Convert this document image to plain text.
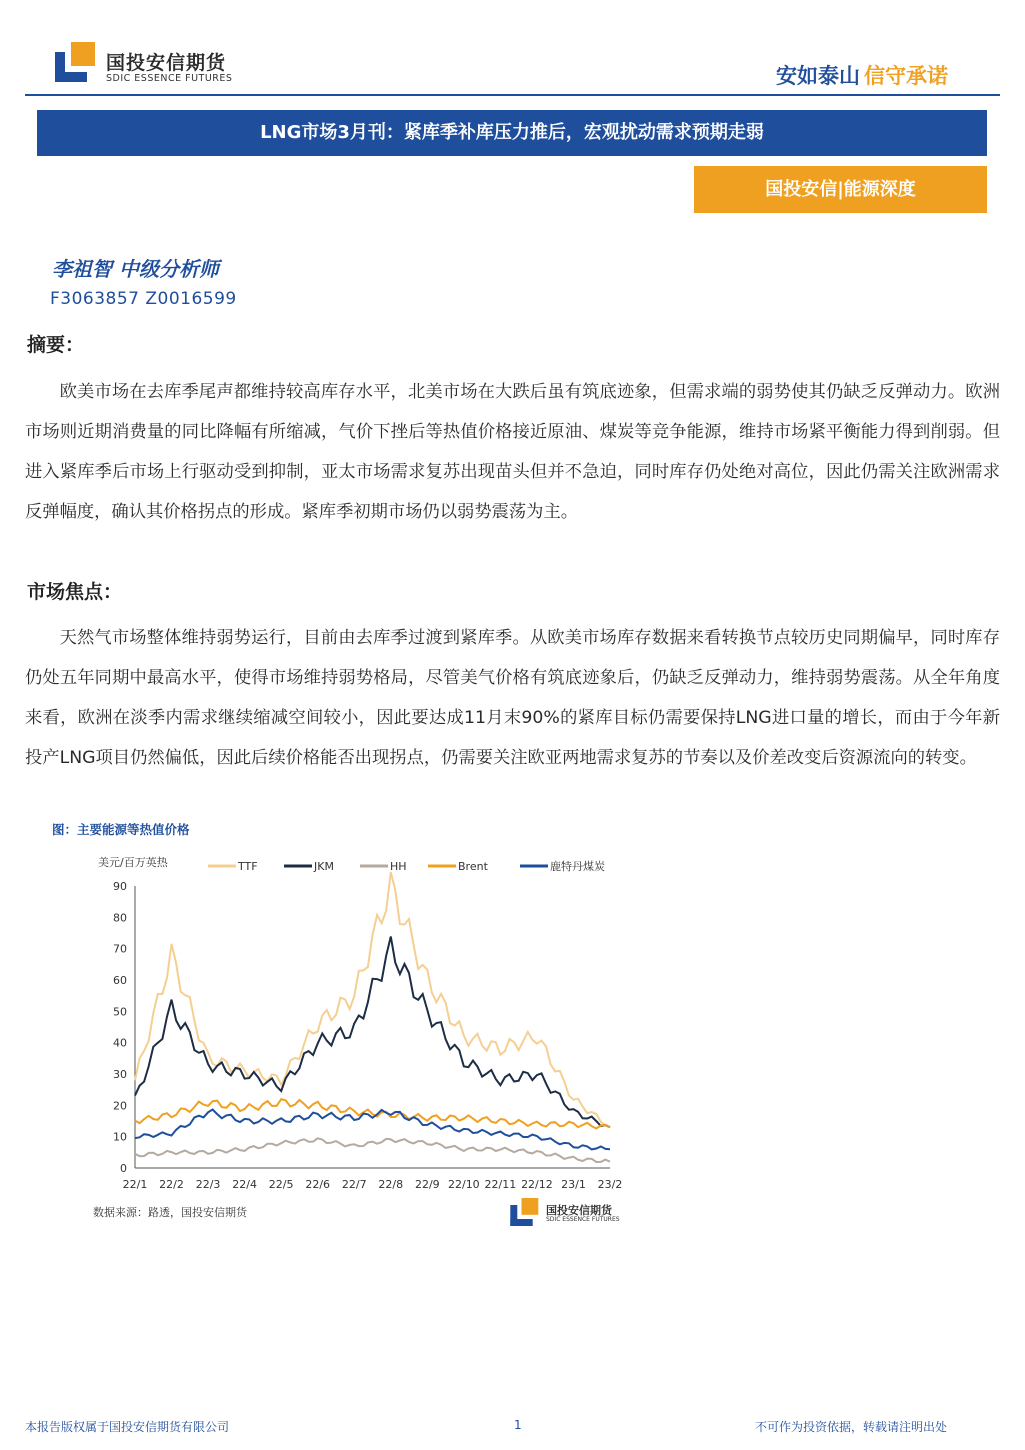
国投安信期货
SDIC ESSENCE FUTURES	安如泰山 信守承诺
LNG市场3月刊：紧库季补库压力推后，宏观扰动需求预期走弱
国投安信|能源深度
李祖智 中级分析师
F3063857 Z0016599
摘要：
欧美市场在去库季尾声都维持较高库存水平，北美市场在大跌后虽有筑底迹象，但需求端的弱势使其仍缺乏反弹动力。欧洲市场则近期消费量的同比降幅有所缩减，气价下挫后等热值价格接近原油、煤炭等竞争能源，维持市场紧平衡能力得到削弱。但进入紧库季后市场上行驱动受到抑制，亚太市场需求复苏出现苗头但并不急迫，同时库存仍处绝对高位，因此仍需关注欧洲需求反弹幅度，确认其价格拐点的形成。紧库季初期市场仍以弱势震荡为主。
市场焦点：
天然气市场整体维持弱势运行，目前由去库季过渡到紧库季。从欧美市场库存数据来看转换节点较历史同期偏早，同时库存仍处五年同期中最高水平，使得市场维持弱势格局，尽管美气价格有筑底迹象后，仍缺乏反弹动力，维持弱势震荡。从全年角度来看，欧洲在淡季内需求继续缩减空间较小，因此要达成11月末90%的紧库目标仍需要保持LNG进口量的增长，而由于今年新投产LNG项目仍然偏低，因此后续价格能否出现拐点，仍需要关注欧亚两地需求复苏的节奏以及价差改变后资源流向的转变。
图：主要能源等热值价格
美元/百万英热
0
10
20
30
40
50
60
70
80
90
22/1 22/2 22/3 22/4 22/5 22/6 22/7 22/8 22/9 22/10 22/11 22/12 23/1 23/2
TTF	JKM	HH	Brent	鹿特丹煤炭
数据来源：路透，国投安信期货	国投安信期货
SDIC ESSENCE FUTURES
本报告版权属于国投安信期货有限公司	1	不可作为投资依据，转载请注明出处
